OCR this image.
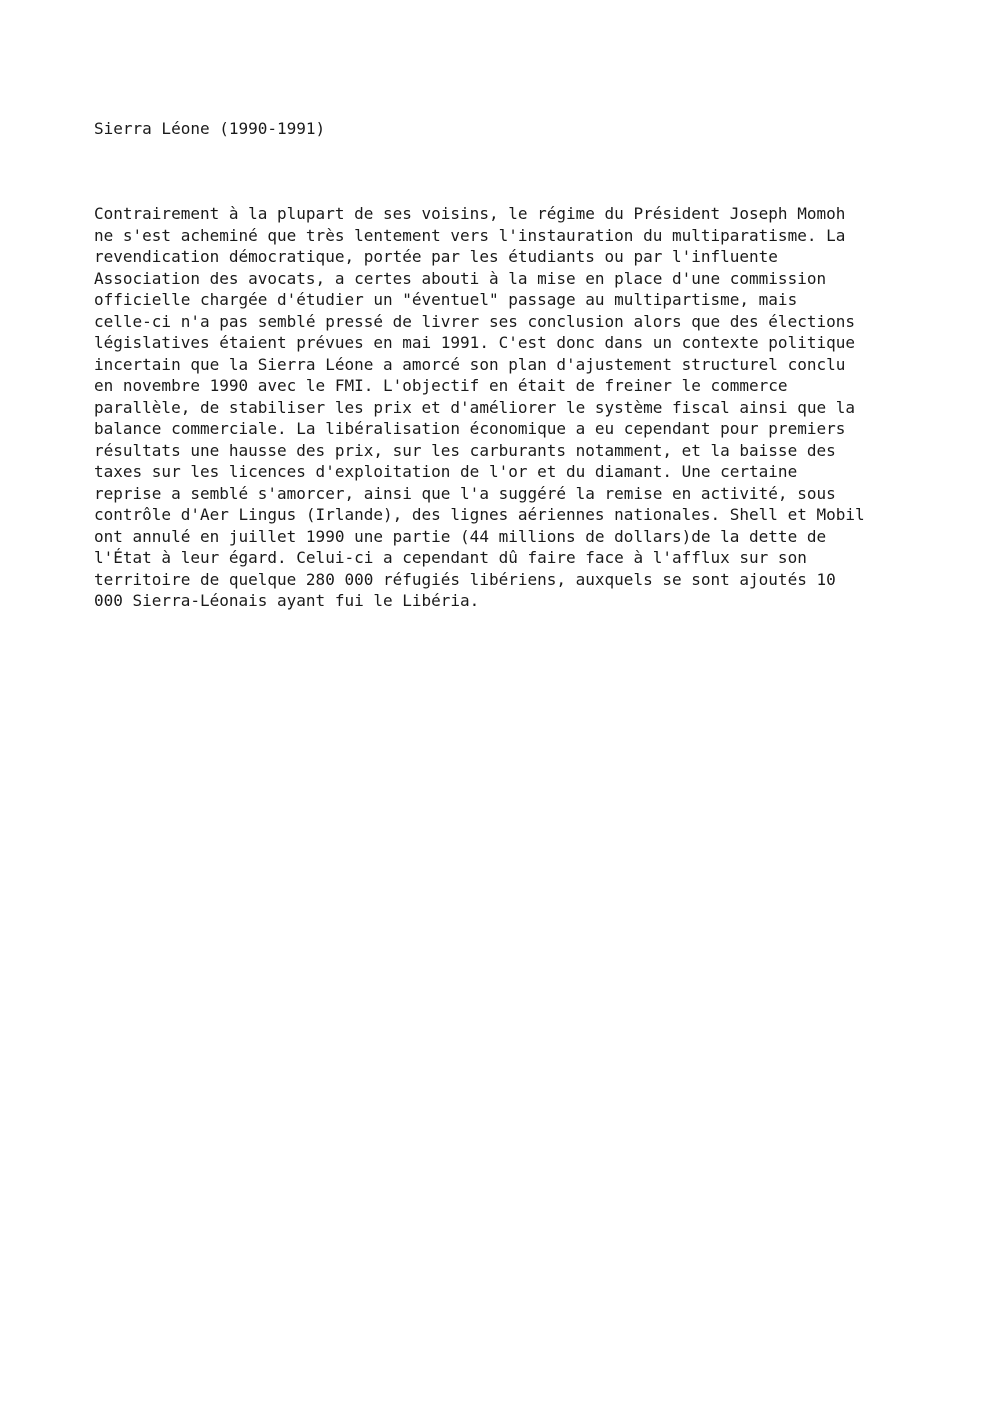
Sierra Léone (1990-1991)

Contrairement à la plupart de ses voisins, le régime du Président Joseph Momoh
ne s'est acheminé que très lentement vers l'instauration du multiparatisme. La
revendication démocratique, portée par les étudiants ou par l'influente
Association des avocats, a certes abouti à la mise en place d'une commission
officielle chargée d'étudier un "éventuel" passage au multipartisme, mais
celle-ci n'a pas semblé pressé de livrer ses conclusion alors que des élections
législatives étaient prévues en mai 1991. C'est donc dans un contexte politique
incertain que la Sierra Léone a amorcé son plan d'ajustement structurel conclu
en novembre 1990 avec le FMI. L'objectif en était de freiner le commerce
parallèle, de stabiliser les prix et d'améliorer le système fiscal ainsi que la
balance commerciale. La libéralisation économique a eu cependant pour premiers
résultats une hausse des prix, sur les carburants notamment, et la baisse des
taxes sur les licences d'exploitation de l'or et du diamant. Une certaine
reprise a semblé s'amorcer, ainsi que l'a suggéré la remise en activité, sous
contrôle d'Aer Lingus (Irlande), des lignes aériennes nationales. Shell et Mobil
ont annulé en juillet 1990 une partie (44 millions de dollars)de la dette de
l'État à leur égard. Celui-ci a cependant dû faire face à l'afflux sur son
territoire de quelque 280 000 réfugiés libériens, auxquels se sont ajoutés 10
000 Sierra-Léonais ayant fui le Libéria.
